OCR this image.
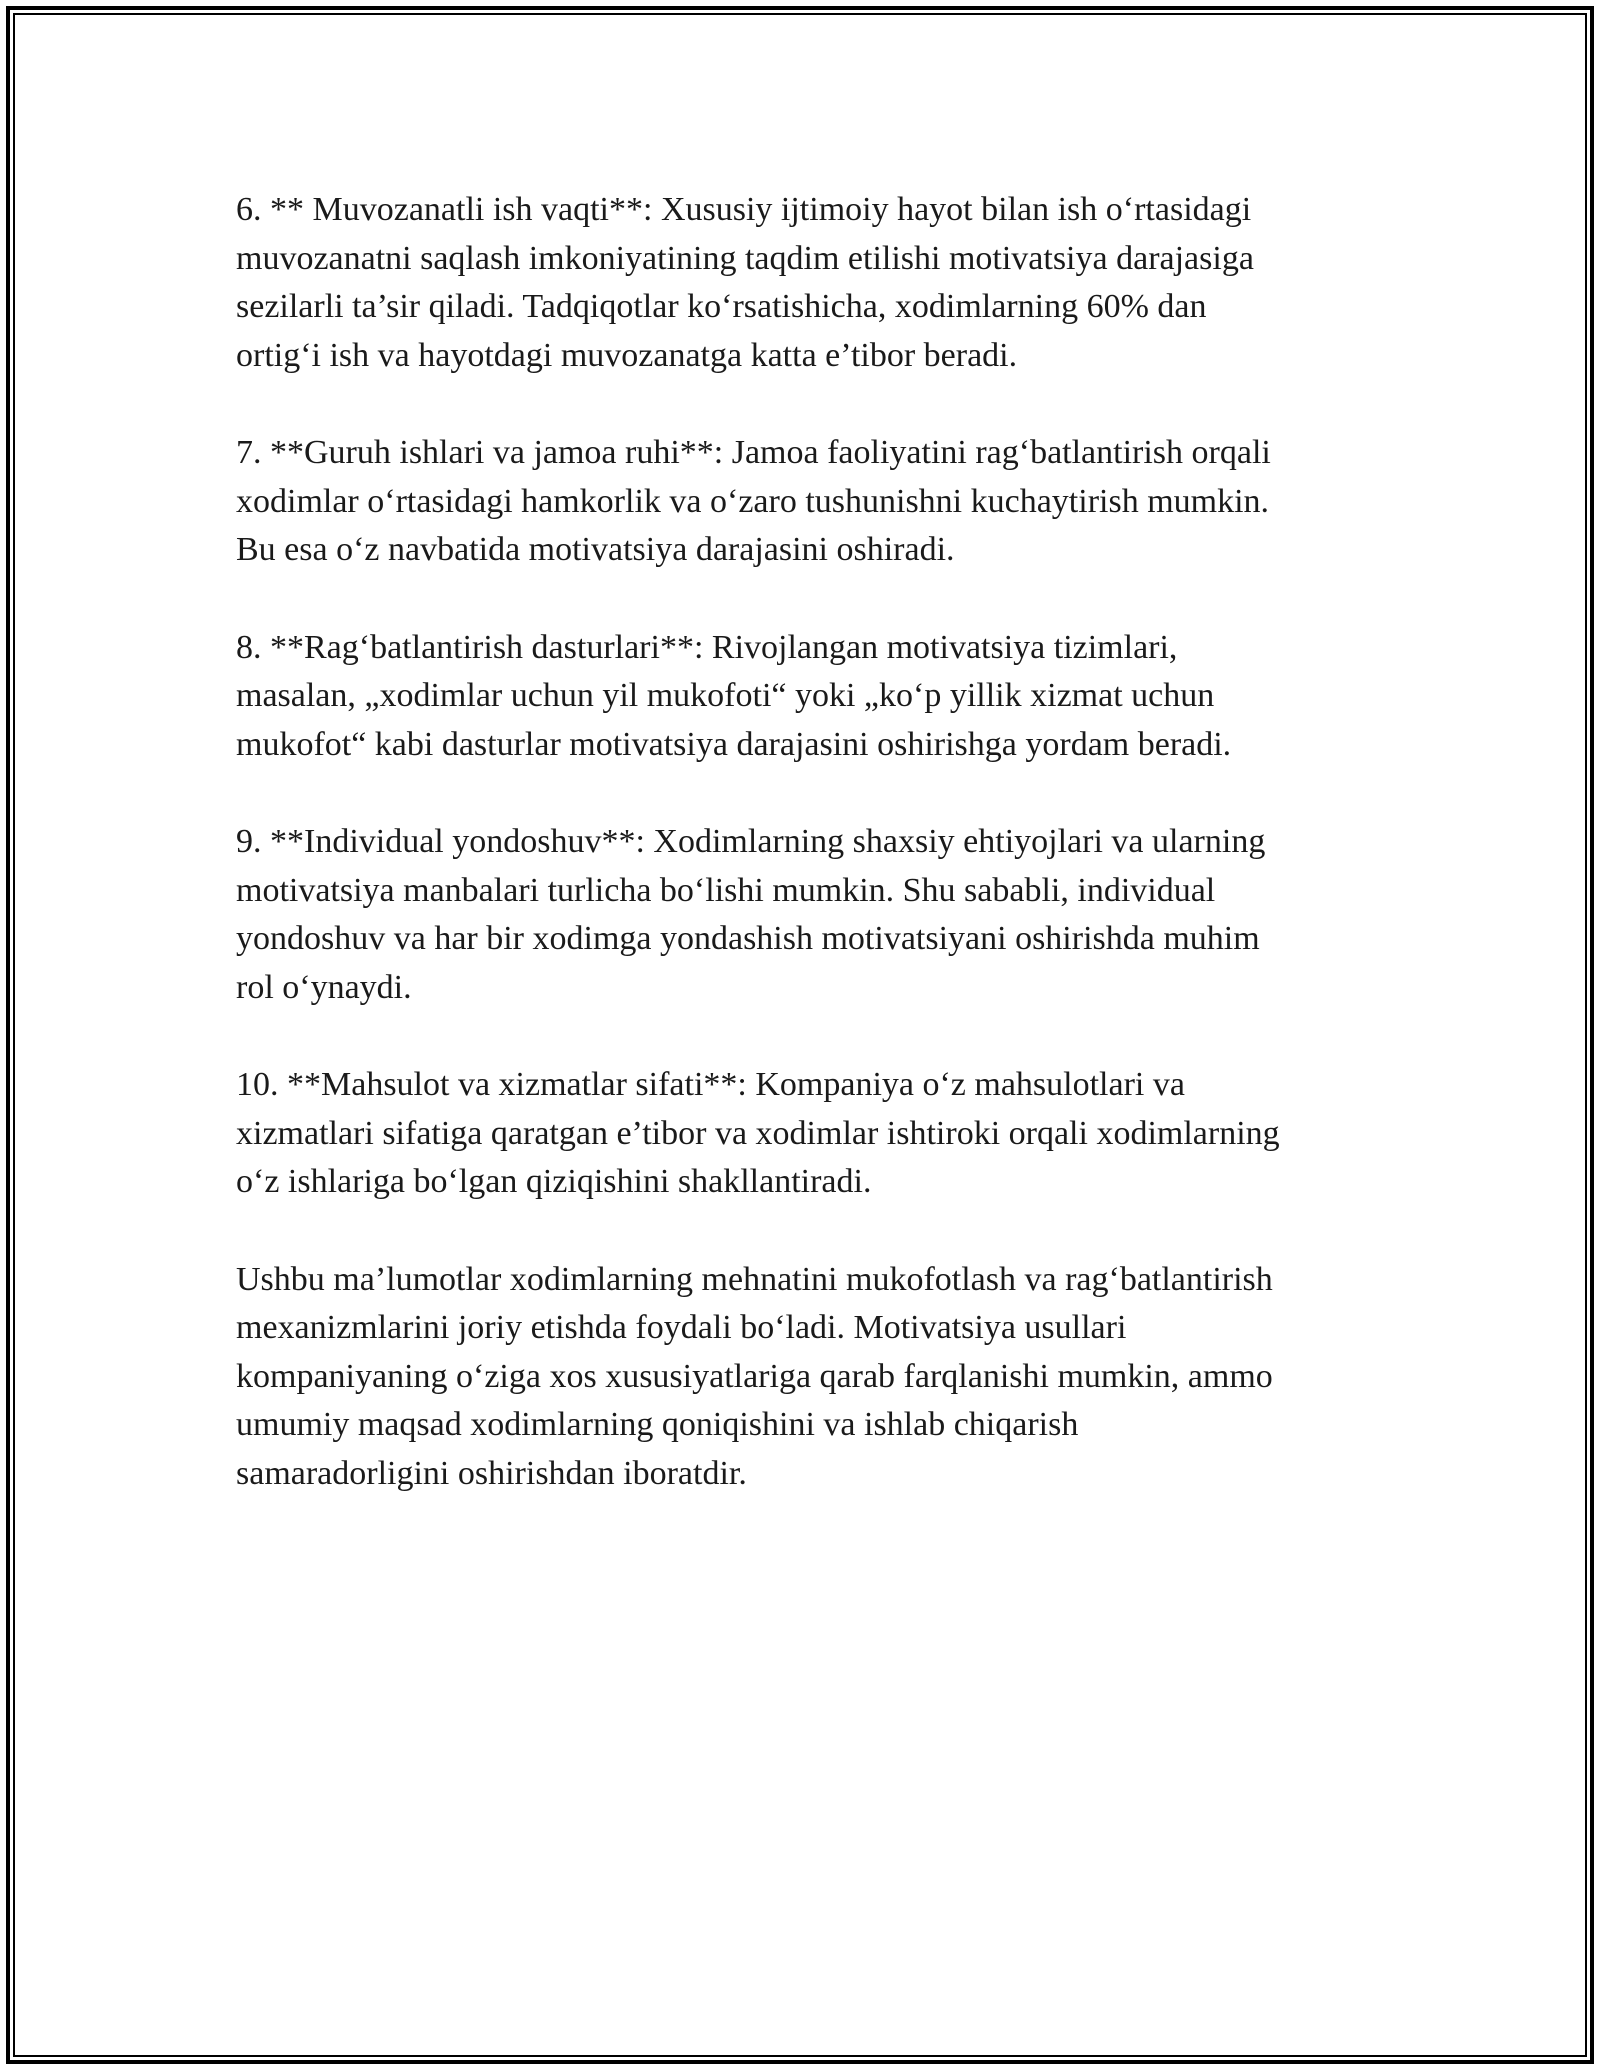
6. ** Muvozanatli ish vaqti**: Xususiy ijtimoiy hayot bilan ish o‘rtasidagi
muvozanatni saqlash imkoniyatining taqdim etilishi motivatsiya darajasiga
sezilarli ta’sir qiladi. Tadqiqotlar ko‘rsatishicha, xodimlarning 60% dan
ortig‘i ish va hayotdagi muvozanatga katta e’tibor beradi.

7. **Guruh ishlari va jamoa ruhi**: Jamoa faoliyatini rag‘batlantirish orqali
xodimlar o‘rtasidagi hamkorlik va o‘zaro tushunishni kuchaytirish mumkin.
Bu esa o‘z navbatida motivatsiya darajasini oshiradi.

8. **Rag‘batlantirish dasturlari**: Rivojlangan motivatsiya tizimlari,
masalan, „xodimlar uchun yil mukofoti“ yoki „ko‘p yillik xizmat uchun
mukofot“ kabi dasturlar motivatsiya darajasini oshirishga yordam beradi.

9. **Individual yondoshuv**: Xodimlarning shaxsiy ehtiyojlari va ularning
motivatsiya manbalari turlicha bo‘lishi mumkin. Shu sababli, individual
yondoshuv va har bir xodimga yondashish motivatsiyani oshirishda muhim
rol o‘ynaydi.

10. **Mahsulot va xizmatlar sifati**: Kompaniya o‘z mahsulotlari va
xizmatlari sifatiga qaratgan e’tibor va xodimlar ishtiroki orqali xodimlarning
o‘z ishlariga bo‘lgan qiziqishini shakllantiradi.

Ushbu ma’lumotlar xodimlarning mehnatini mukofotlash va rag‘batlantirish
mexanizmlarini joriy etishda foydali bo‘ladi. Motivatsiya usullari
kompaniyaning o‘ziga xos xususiyatlariga qarab farqlanishi mumkin, ammo
umumiy maqsad xodimlarning qoniqishini va ishlab chiqarish
samaradorligini oshirishdan iboratdir.
